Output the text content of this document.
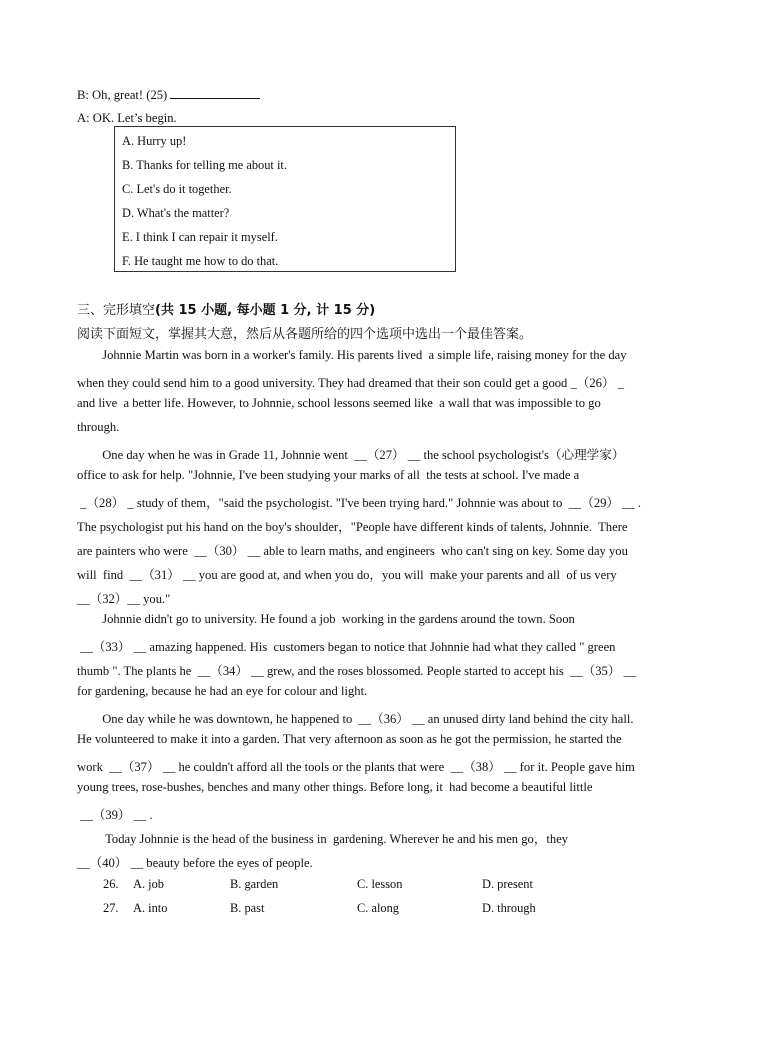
B: Oh, great! (25)
A: OK. Let’s begin.
A. Hurry up!
B. Thanks for telling me about it.
C. Let's do it together.
D. What's the matter?
E. I think I can repair it myself.
F. He taught me how to do that.
三、完形填空(共 15 小题, 每小题 1 分, 计 15 分)
阅读下面短文，掌握其大意，然后从各题所给的四个选项中选出一个最佳答案。
Johnnie Martin was born in a worker's family. His parents lived  a simple life, raising money for the day
when they could send him to a good university. They had dreamed that their son could get a good _（26） _
and live  a better life. However, to Johnnie, school lessons seemed like  a wall that was impossible to go
through.
One day when he was in Grade 11, Johnnie went  __（27） __ the school psychologist's（心理学家）
office to ask for help. "Johnnie, I've been studying your marks of all  the tests at school. I've made a
_（28） _ study of them，"said the psychologist. "I've been trying hard." Johnnie was about to  __（29） __ .
The psychologist put his hand on the boy's shoulder，"People have different kinds of talents, Johnnie.  There
are painters who were  __（30） __ able to learn maths, and engineers  who can't sing on key. Some day you
will  find  __（31） __ you are good at, and when you do，you will  make your parents and all  of us very
__（32）__ you."
Johnnie didn't go to university. He found a job  working in the gardens around the town. Soon
__（33） __ amazing happened. His  customers began to notice that Johnnie had what they called " green
thumb ". The plants he  __（34） __ grew, and the roses blossomed. People started to accept his  __（35） __
for gardening, because he had an eye for colour and light.
One day while he was downtown, he happened to  __（36） __ an unused dirty land behind the city hall.
He volunteered to make it into a garden. That very afternoon as soon as he got the permission, he started the
work  __（37） __ he couldn't afford all the tools or the plants that were  __（38） __ for it. People gave him
young trees, rose-bushes, benches and many other things. Before long, it  had become a beautiful little
__（39） __ .
Today Johnnie is the head of the business in  gardening. Wherever he and his men go，they
__（40） __ beauty before the eyes of people.
26. A. job	B. garden	C. lesson	D. present
27. A. into	B. past	C. along	D. through
